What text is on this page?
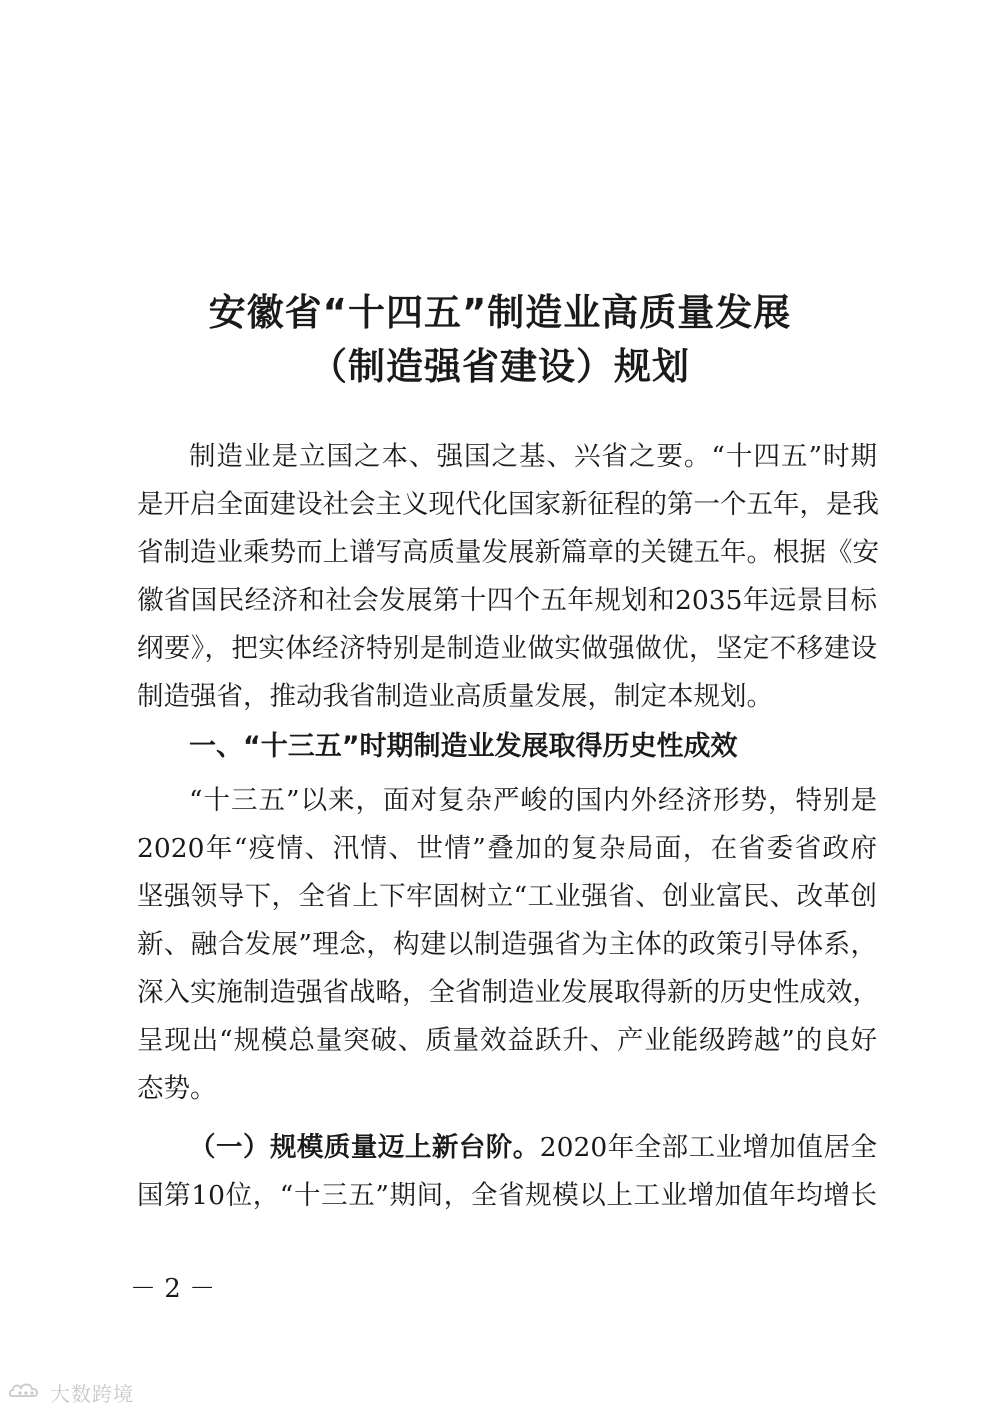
安徽省“十四五”制造业高质量发展
（制造强省建设）规划

制造业是立国之本、强国之基、兴省之要。“十四五”时期

是开启全面建设社会主义现代化国家新征程的第一个五年，是我

省制造业乘势而上谱写高质量发展新篇章的关键五年。根据《安

徽省国民经济和社会发展第十四个五年规划和2035年远景目标

纲要》，把实体经济特别是制造业做实做强做优，坚定不移建设

制造强省，推动我省制造业高质量发展，制定本规划。

一、“十三五”时期制造业发展取得历史性成效

“十三五”以来，面对复杂严峻的国内外经济形势，特别是

2020年“疫情、汛情、世情”叠加的复杂局面，在省委省政府

坚强领导下，全省上下牢固树立“工业强省、创业富民、改革创

新、融合发展”理念，构建以制造强省为主体的政策引导体系，

深入实施制造强省战略，全省制造业发展取得新的历史性成效，

呈现出“规模总量突破、质量效益跃升、产业能级跨越”的良好

态势。

（一）规模质量迈上新台阶。2020年全部工业增加值居全

国第10位，“十三五”期间，全省规模以上工业增加值年均增长

－ 2 －

大数跨境
